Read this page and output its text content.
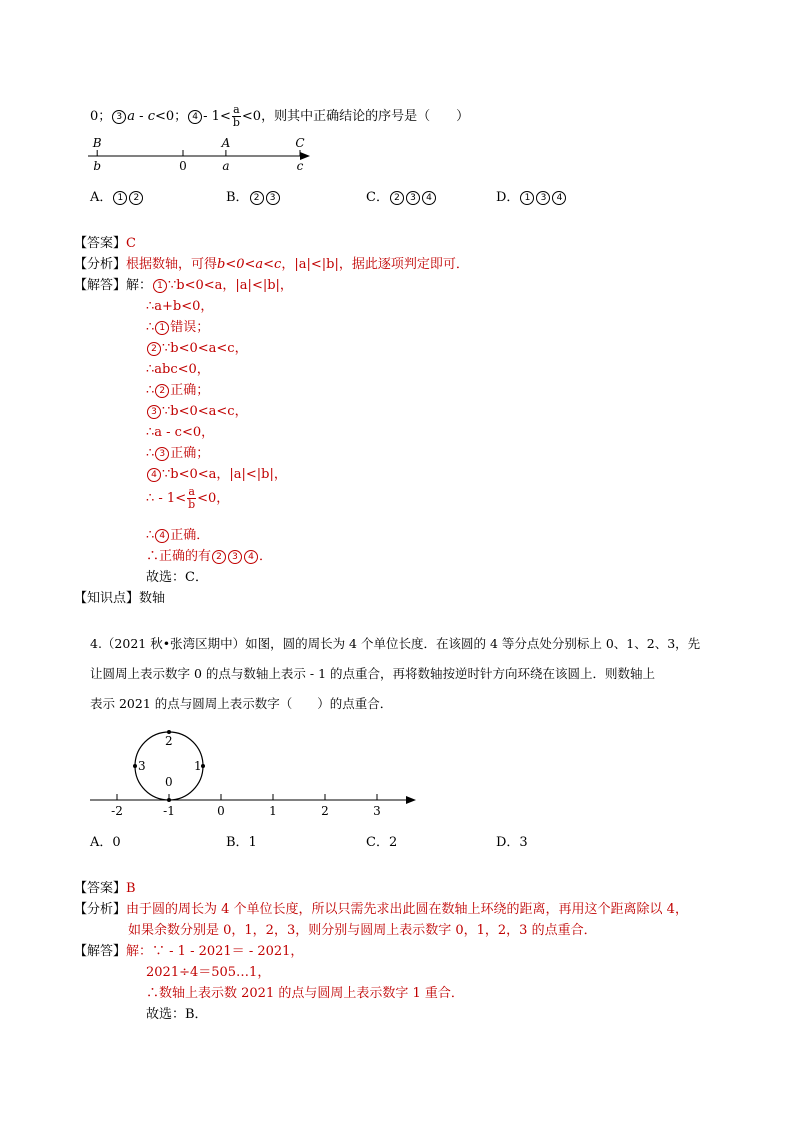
0； 3 a - c<0； $4 - 1< \frac{a}{b} <0$，则其中正确结论的序号是（　　）
B
b	0
A
a
C
c
A． 1 2	B． 2 3	C． 2 3 4	D． 1 3 4
【答案】C
【分析】根据数轴，可得b<0<a<c，|a|<|b|，据此逐项判定即可．
【解答】解： 1 ∵b<0<a，|a|<|b|，
∴a+b<0，
∴ 1 错误；
2 ∵b<0<a<c，
∴abc<0，
∴ 2 正确；
3 ∵b<0<a<c，
∴a - c<0，
∴ 3 正确；
4 ∵b<0<a，|a|<|b|，
∴ - $1< \frac{a}{b} <0$，
∴ 4 正确．
∴正确的有 2 3 4 ．
故选：C．
【知识点】数轴
4.（2021 秋•张湾区期中）如图，圆的周长为 4 个单位长度．在该圆的 4 等分点处分别标上 0、1、2、3，先
让圆周上表示数字 0 的点与数轴上表示 - 1 的点重合，再将数轴按逆时针方向环绕在该圆上．则数轴上
表示 2021 的点与圆周上表示数字（　　）的点重合．
0
1
2
3
-2	-1	0	1	2	3
A．0	B．1	C．2	D．3
【答案】B
【分析】由于圆的周长为 4 个单位长度，所以只需先求出此圆在数轴上环绕的距离，再用这个距离除以 4，
如果余数分别是 0，1，2，3，则分别与圆周上表示数字 0，1，2，3 的点重合．
【解答】解：∵ - 1 - 2021＝ - 2021，
2021÷4＝505…1，
∴数轴上表示数 2021 的点与圆周上表示数字 1 重合．
故选：B．
